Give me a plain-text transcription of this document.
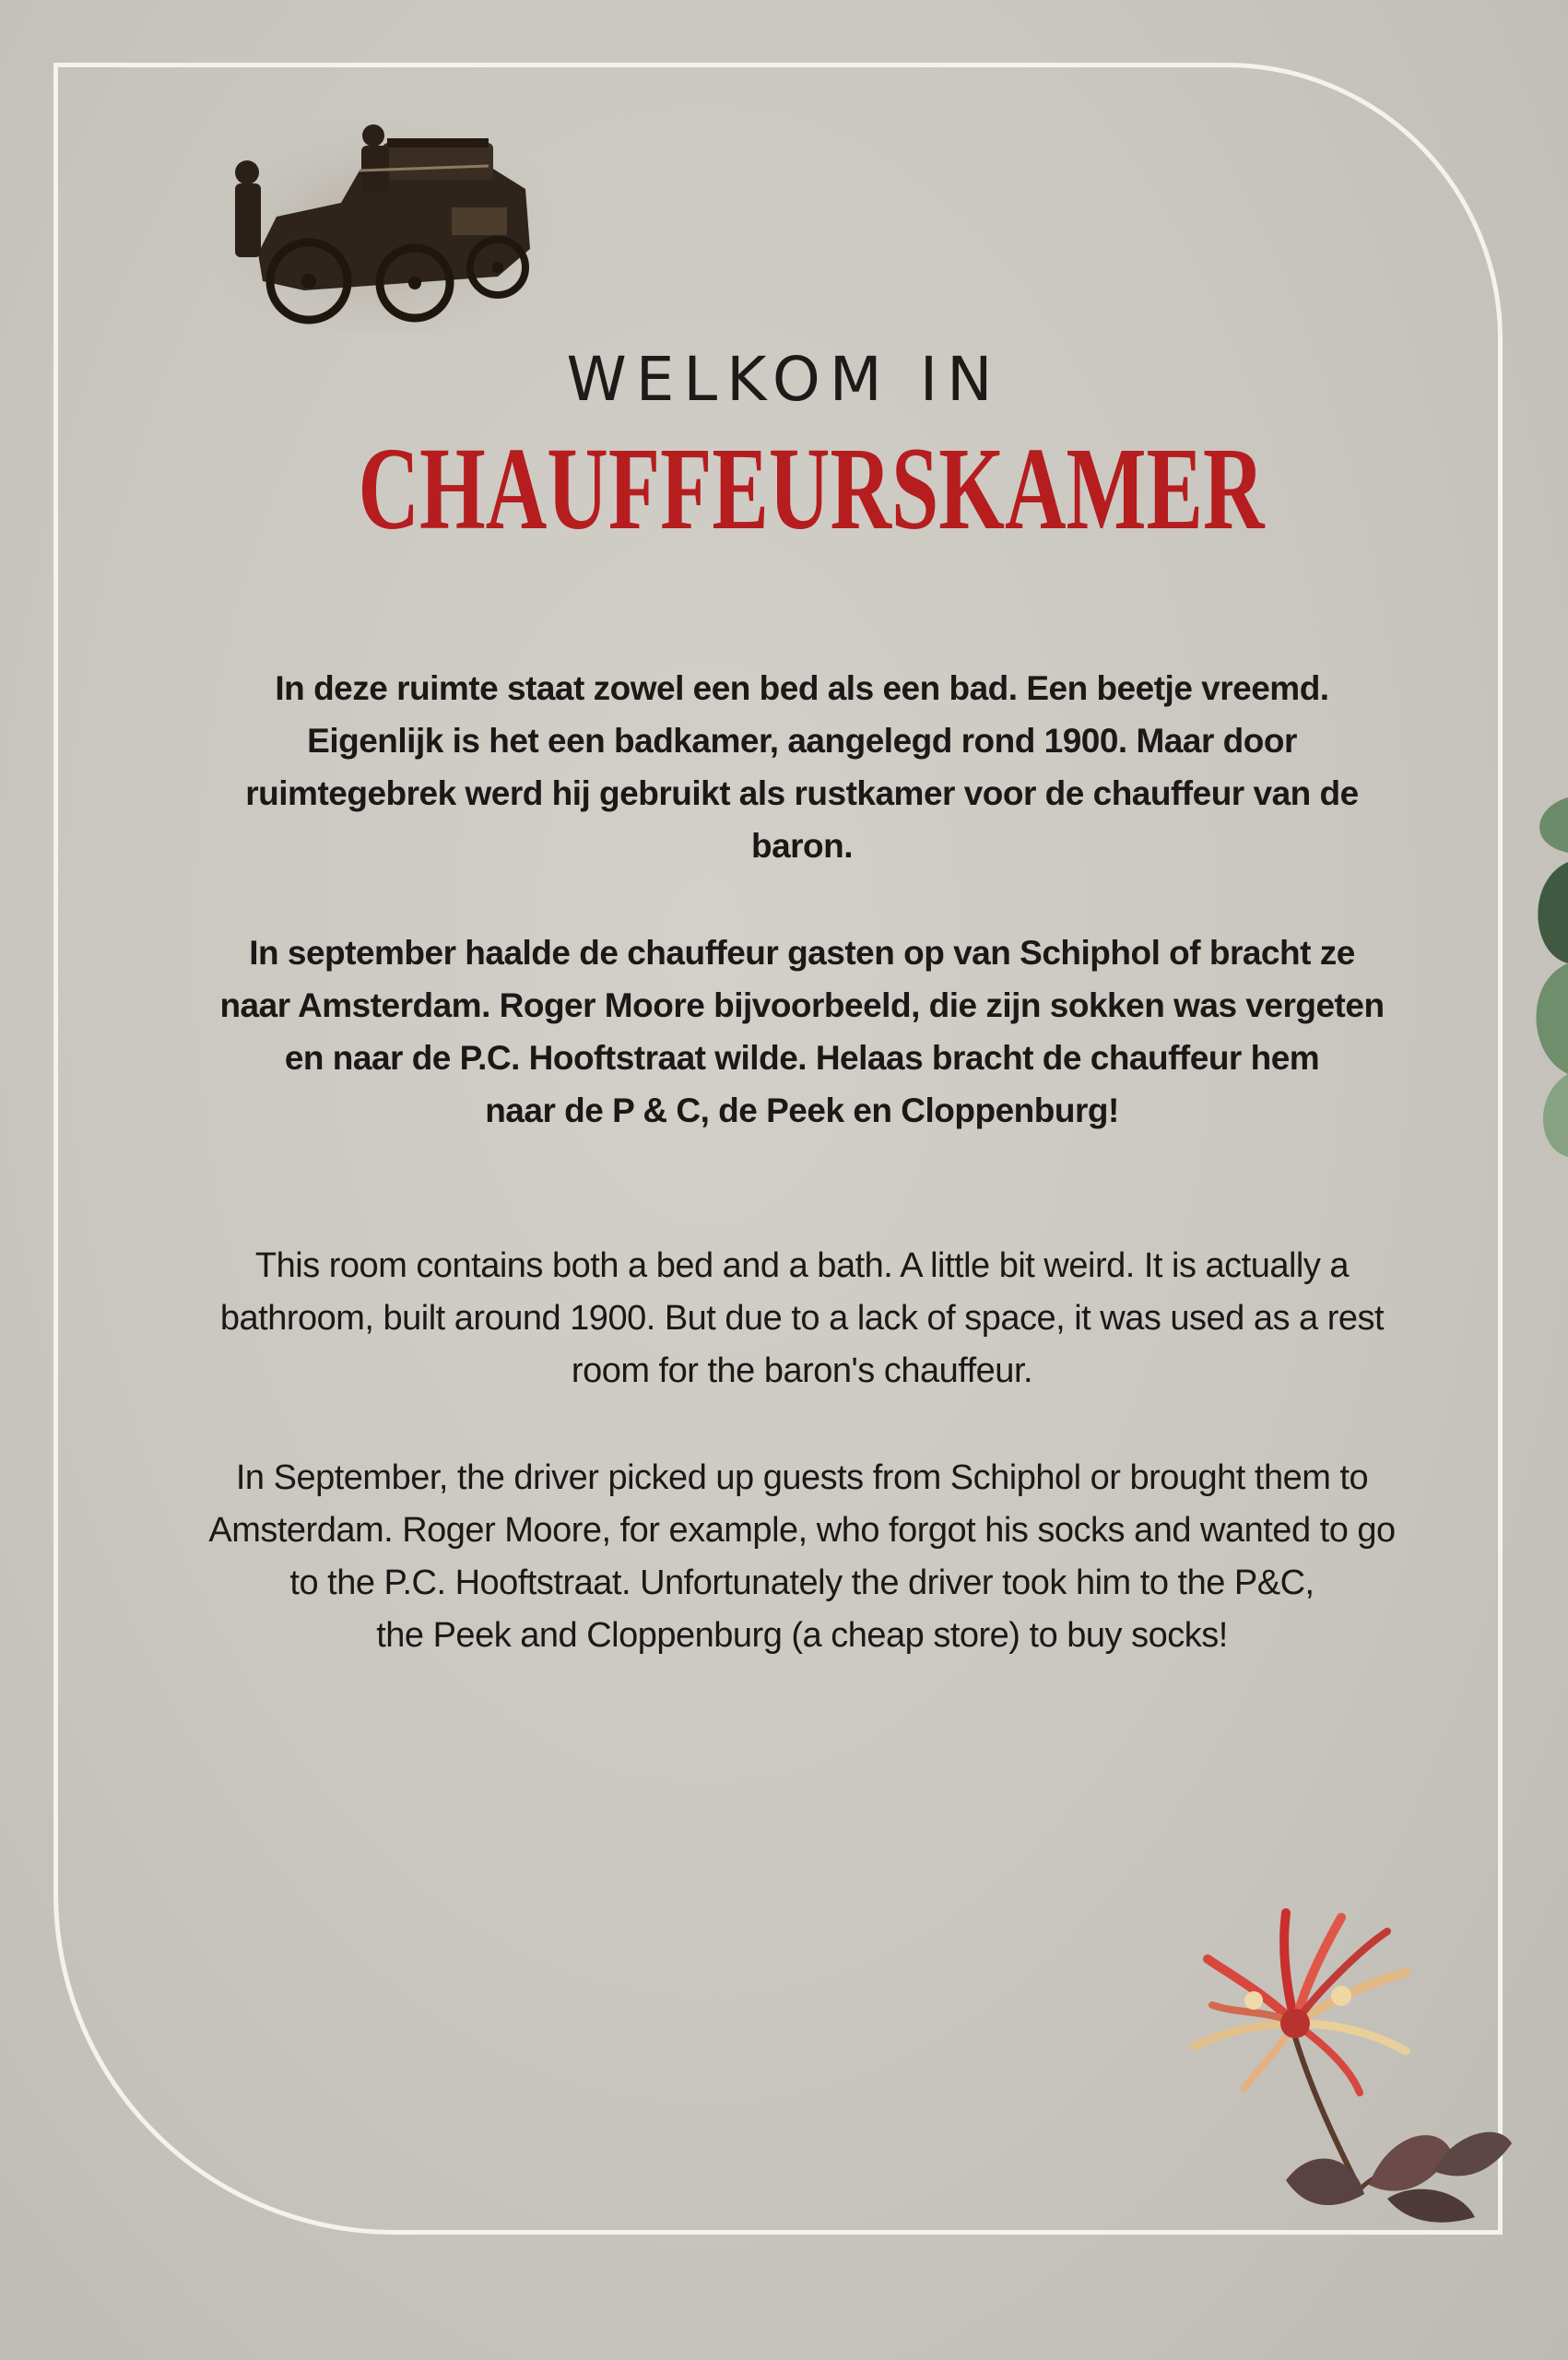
WELKOM IN
CHAUFFEURSKAMER
In deze ruimte staat zowel een bed als een bad. Een beetje vreemd.
Eigenlijk is het een badkamer, aangelegd rond 1900. Maar door
ruimtegebrek werd hij gebruikt als rustkamer voor de chauffeur van de
baron.
In september haalde de chauffeur gasten op van Schiphol of bracht ze
naar Amsterdam. Roger Moore bijvoorbeeld, die zijn sokken was vergeten
en naar de P.C. Hooftstraat wilde. Helaas bracht de chauffeur hem
naar de P & C, de Peek en Cloppenburg!
This room contains both a bed and a bath. A little bit weird. It is actually a
bathroom, built around 1900. But due to a lack of space, it was used as a rest
room for the baron's chauffeur.
In September, the driver picked up guests from Schiphol or brought them to
Amsterdam. Roger Moore, for example, who forgot his socks and wanted to go
to the P.C. Hooftstraat. Unfortunately the driver took him to the P&C,
the Peek and Cloppenburg (a cheap store) to buy socks!
